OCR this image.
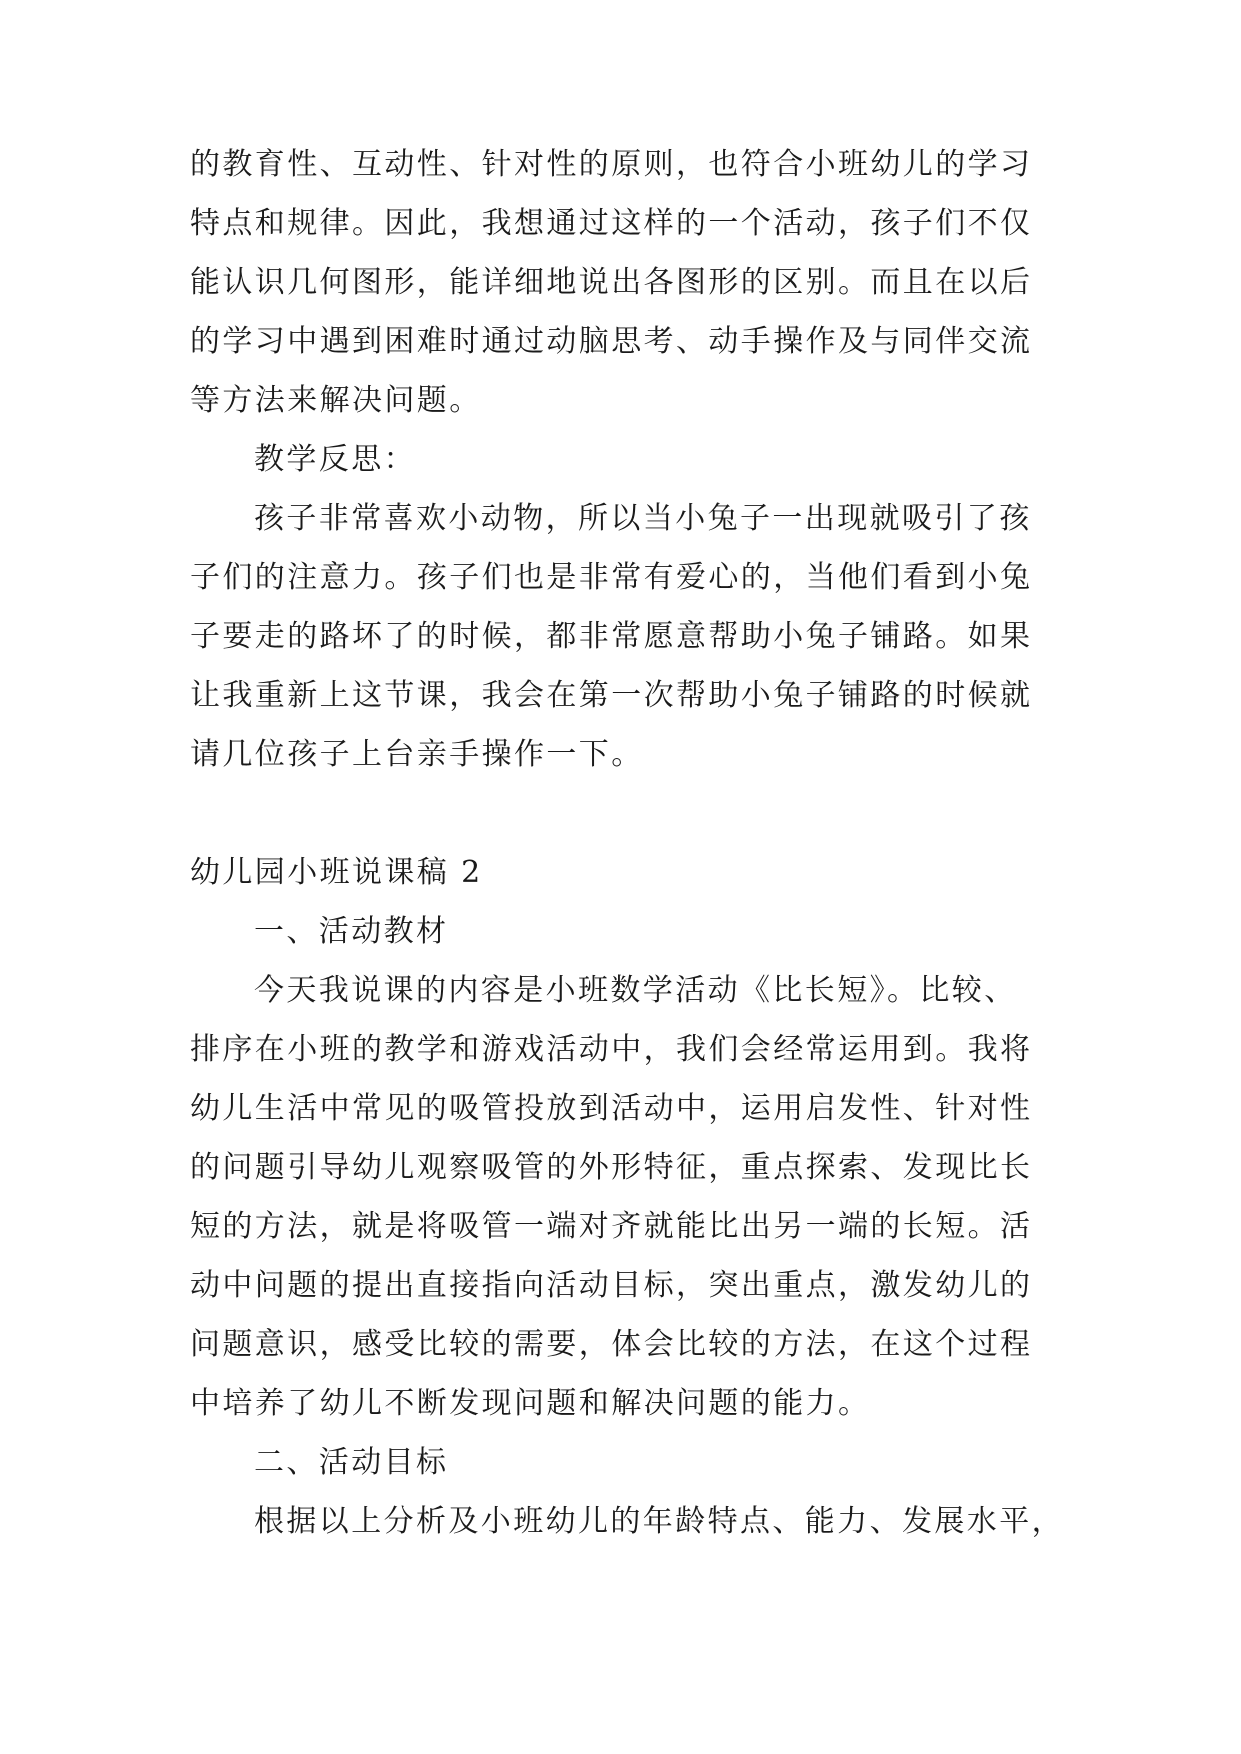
的教育性、互动性、针对性的原则，也符合小班幼儿的学习
特点和规律。因此，我想通过这样的一个活动，孩子们不仅
能认识几何图形，能详细地说出各图形的区别。而且在以后
的学习中遇到困难时通过动脑思考、动手操作及与同伴交流
等方法来解决问题。
教学反思：
孩子非常喜欢小动物，所以当小兔子一出现就吸引了孩
子们的注意力。孩子们也是非常有爱心的，当他们看到小兔
子要走的路坏了的时候，都非常愿意帮助小兔子铺路。如果
让我重新上这节课，我会在第一次帮助小兔子铺路的时候就
请几位孩子上台亲手操作一下。
幼儿园小班说课稿 2
一、活动教材
今天我说课的内容是小班数学活动《比长短》。比较、
排序在小班的教学和游戏活动中，我们会经常运用到。我将
幼儿生活中常见的吸管投放到活动中，运用启发性、针对性
的问题引导幼儿观察吸管的外形特征，重点探索、发现比长
短的方法，就是将吸管一端对齐就能比出另一端的长短。活
动中问题的提出直接指向活动目标，突出重点，激发幼儿的
问题意识，感受比较的需要，体会比较的方法，在这个过程
中培养了幼儿不断发现问题和解决问题的能力。
二、活动目标
根据以上分析及小班幼儿的年龄特点、能力、发展水平，
